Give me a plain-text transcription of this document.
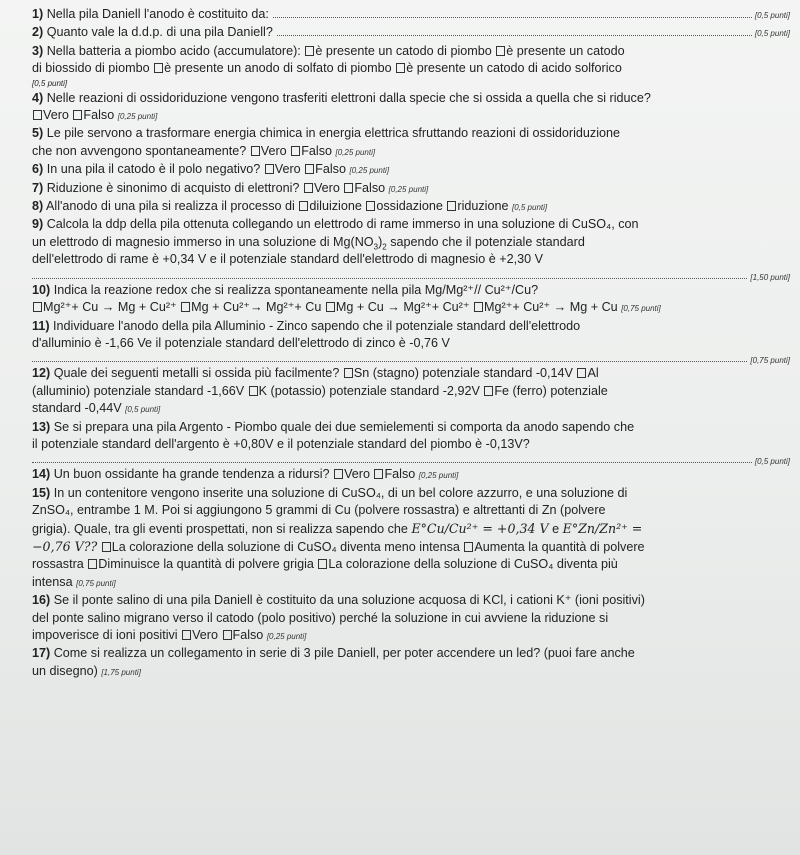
1)
Nella pila Daniell l'anodo è costituito da:	[0,5 punti]
2)
Quanto vale la d.d.p. di una pila Daniell?	[0,5 punti]
3) Nella batteria a piombo acido (accumulatore): è presente un catodo di piombo è presente un catodo
di biossido di piombo è presente un anodo di solfato di piombo è presente un catodo di acido solforico
[0,5 punti]
4) Nelle reazioni di ossidoriduzione vengono trasferiti elettroni dalla specie che si ossida a quella che si riduce?
Vero Falso [0,25 punti]
5) Le pile servono a trasformare energia chimica in energia elettrica sfruttando reazioni di ossidoriduzione
che non avvengono spontaneamente? Vero Falso [0,25 punti]
6) In una pila il catodo è il polo negativo? Vero Falso [0,25 punti]
7) Riduzione è sinonimo di acquisto di elettroni? Vero Falso [0,25 punti]
8) All'anodo di una pila si realizza il processo di diluizione ossidazione riduzione [0,5 punti]
9) Calcola la ddp della pila ottenuta collegando un elettrodo di rame immerso in una soluzione di CuSO₄, con
un elettrodo di magnesio immerso in una soluzione di $Mg(NO_3)_2$ sapendo che il potenziale standard
dell'elettrodo di rame è +0,34 V e il potenziale standard dell'elettrodo di magnesio è +2,30 V
[1,50 punti]
10) Indica la reazione redox che si realizza spontaneamente nella pila Mg/Mg²⁺// Cu²⁺/Cu?
Mg²⁺+ Cu → Mg + Cu²⁺ Mg + Cu²⁺→ Mg²⁺+ Cu Mg + Cu → Mg²⁺+ Cu²⁺ Mg²⁺+ Cu²⁺ → Mg + Cu [0,75 punti]
11) Individuare l'anodo della pila Alluminio - Zinco sapendo che il potenziale standard dell'elettrodo
d'alluminio è -1,66 Ve il potenziale standard dell'elettrodo di zinco è -0,76 V
[0,75 punti]
12) Quale dei seguenti metalli si ossida più facilmente? Sn (stagno) potenziale standard -0,14V Al
(alluminio) potenziale standard -1,66V K (potassio) potenziale standard -2,92V Fe (ferro) potenziale
standard -0,44V [0,5 punti]
13) Se si prepara una pila Argento - Piombo quale dei due semielementi si comporta da anodo sapendo che
il potenziale standard dell'argento è +0,80V e il potenziale standard del piombo è -0,13V?
[0,5 punti]
14) Un buon ossidante ha grande tendenza a ridursi? Vero Falso [0,25 punti]
15) In un contenitore vengono inserite una soluzione di CuSO₄, di un bel colore azzurro, e una soluzione di
ZnSO₄, entrambe 1 M. Poi si aggiungono 5 grammi di Cu (polvere rossastra) e altrettanti di Zn (polvere
grigia). Quale, tra gli eventi prospettati, non si realizza sapendo che E°Cu/Cu²⁺ = +0,34 V e E°Zn/Zn²⁺ =
−0,76 V?? La colorazione della soluzione di CuSO₄ diventa meno intensa Aumenta la quantità di polvere
rossastra Diminuisce la quantità di polvere grigia La colorazione della soluzione di CuSO₄ diventa più
intensa [0,75 punti]
16) Se il ponte salino di una pila Daniell è costituito da una soluzione acquosa di KCl, i cationi K⁺ (ioni positivi)
del ponte salino migrano verso il catodo (polo positivo) perché la soluzione in cui avviene la riduzione si
impoverisce di ioni positivi Vero Falso [0,25 punti]
17) Come si realizza un collegamento in serie di 3 pile Daniell, per poter accendere un led? (puoi fare anche
un disegno) [1,75 punti]
